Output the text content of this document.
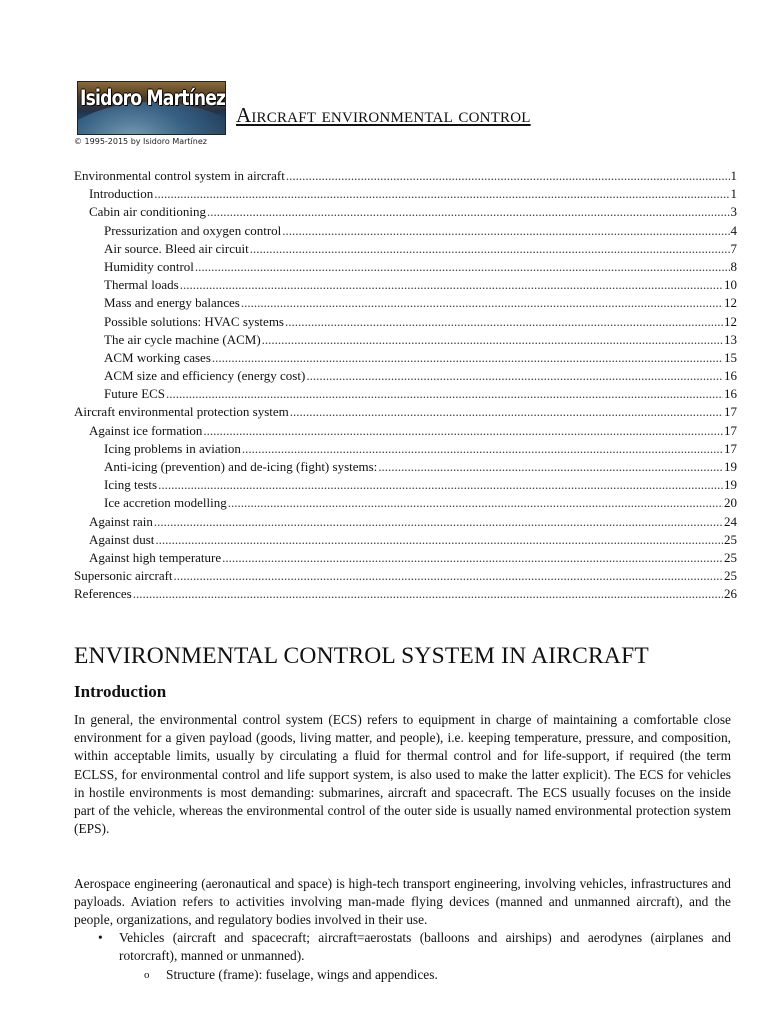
Isidoro Martínez
© 1995-2015 by Isidoro Martínez
Aircraft environmental control
Environmental control system in aircraft .....	1
Introduction .....	1
Cabin air conditioning .....	3
Pressurization and oxygen control .....	4
Air source. Bleed air circuit .....	7
Humidity control .....	8
Thermal loads .....	10
Mass and energy balances .....	12
Possible solutions: HVAC systems .....	12
The air cycle machine (ACM) .....	13
ACM working cases .....	15
ACM size and efficiency (energy cost) .....	16
Future ECS .....	16
Aircraft environmental protection system .....	17
Against ice formation .....	17
Icing problems in aviation .....	17
Anti-icing (prevention) and de-icing (fight) systems: .....	19
Icing tests .....	19
Ice accretion modelling .....	20
Against rain .....	24
Against dust .....	25
Against high temperature .....	25
Supersonic aircraft .....	25
References .....	26
ENVIRONMENTAL CONTROL SYSTEM IN AIRCRAFT
Introduction

In general, the environmental control system (ECS) refers to equipment in charge of maintaining a comfortable close environment for a given payload (goods, living matter, and people), i.e. keeping temperature, pressure, and composition, within acceptable limits, usually by circulating a fluid for thermal control and for life-support, if required (the term ECLSS, for environmental control and life support system, is also used to make the latter explicit). The ECS for vehicles in hostile environments is most demanding: submarines, aircraft and spacecraft. The ECS usually focuses on the inside part of the vehicle, whereas the environmental control of the outer side is usually named environmental protection system (EPS).

Aerospace engineering (aeronautical and space) is high-tech transport engineering, involving vehicles, infrastructures and payloads. Aviation refers to activities involving man-made flying devices (manned and unmanned aircraft), and the people, organizations, and regulatory bodies involved in their use.

• Vehicles (aircraft and spacecraft; aircraft=aerostats (balloons and airships) and aerodynes (airplanes and rotorcraft), manned or unmanned).
o Structure (frame): fuselage, wings and appendices.
